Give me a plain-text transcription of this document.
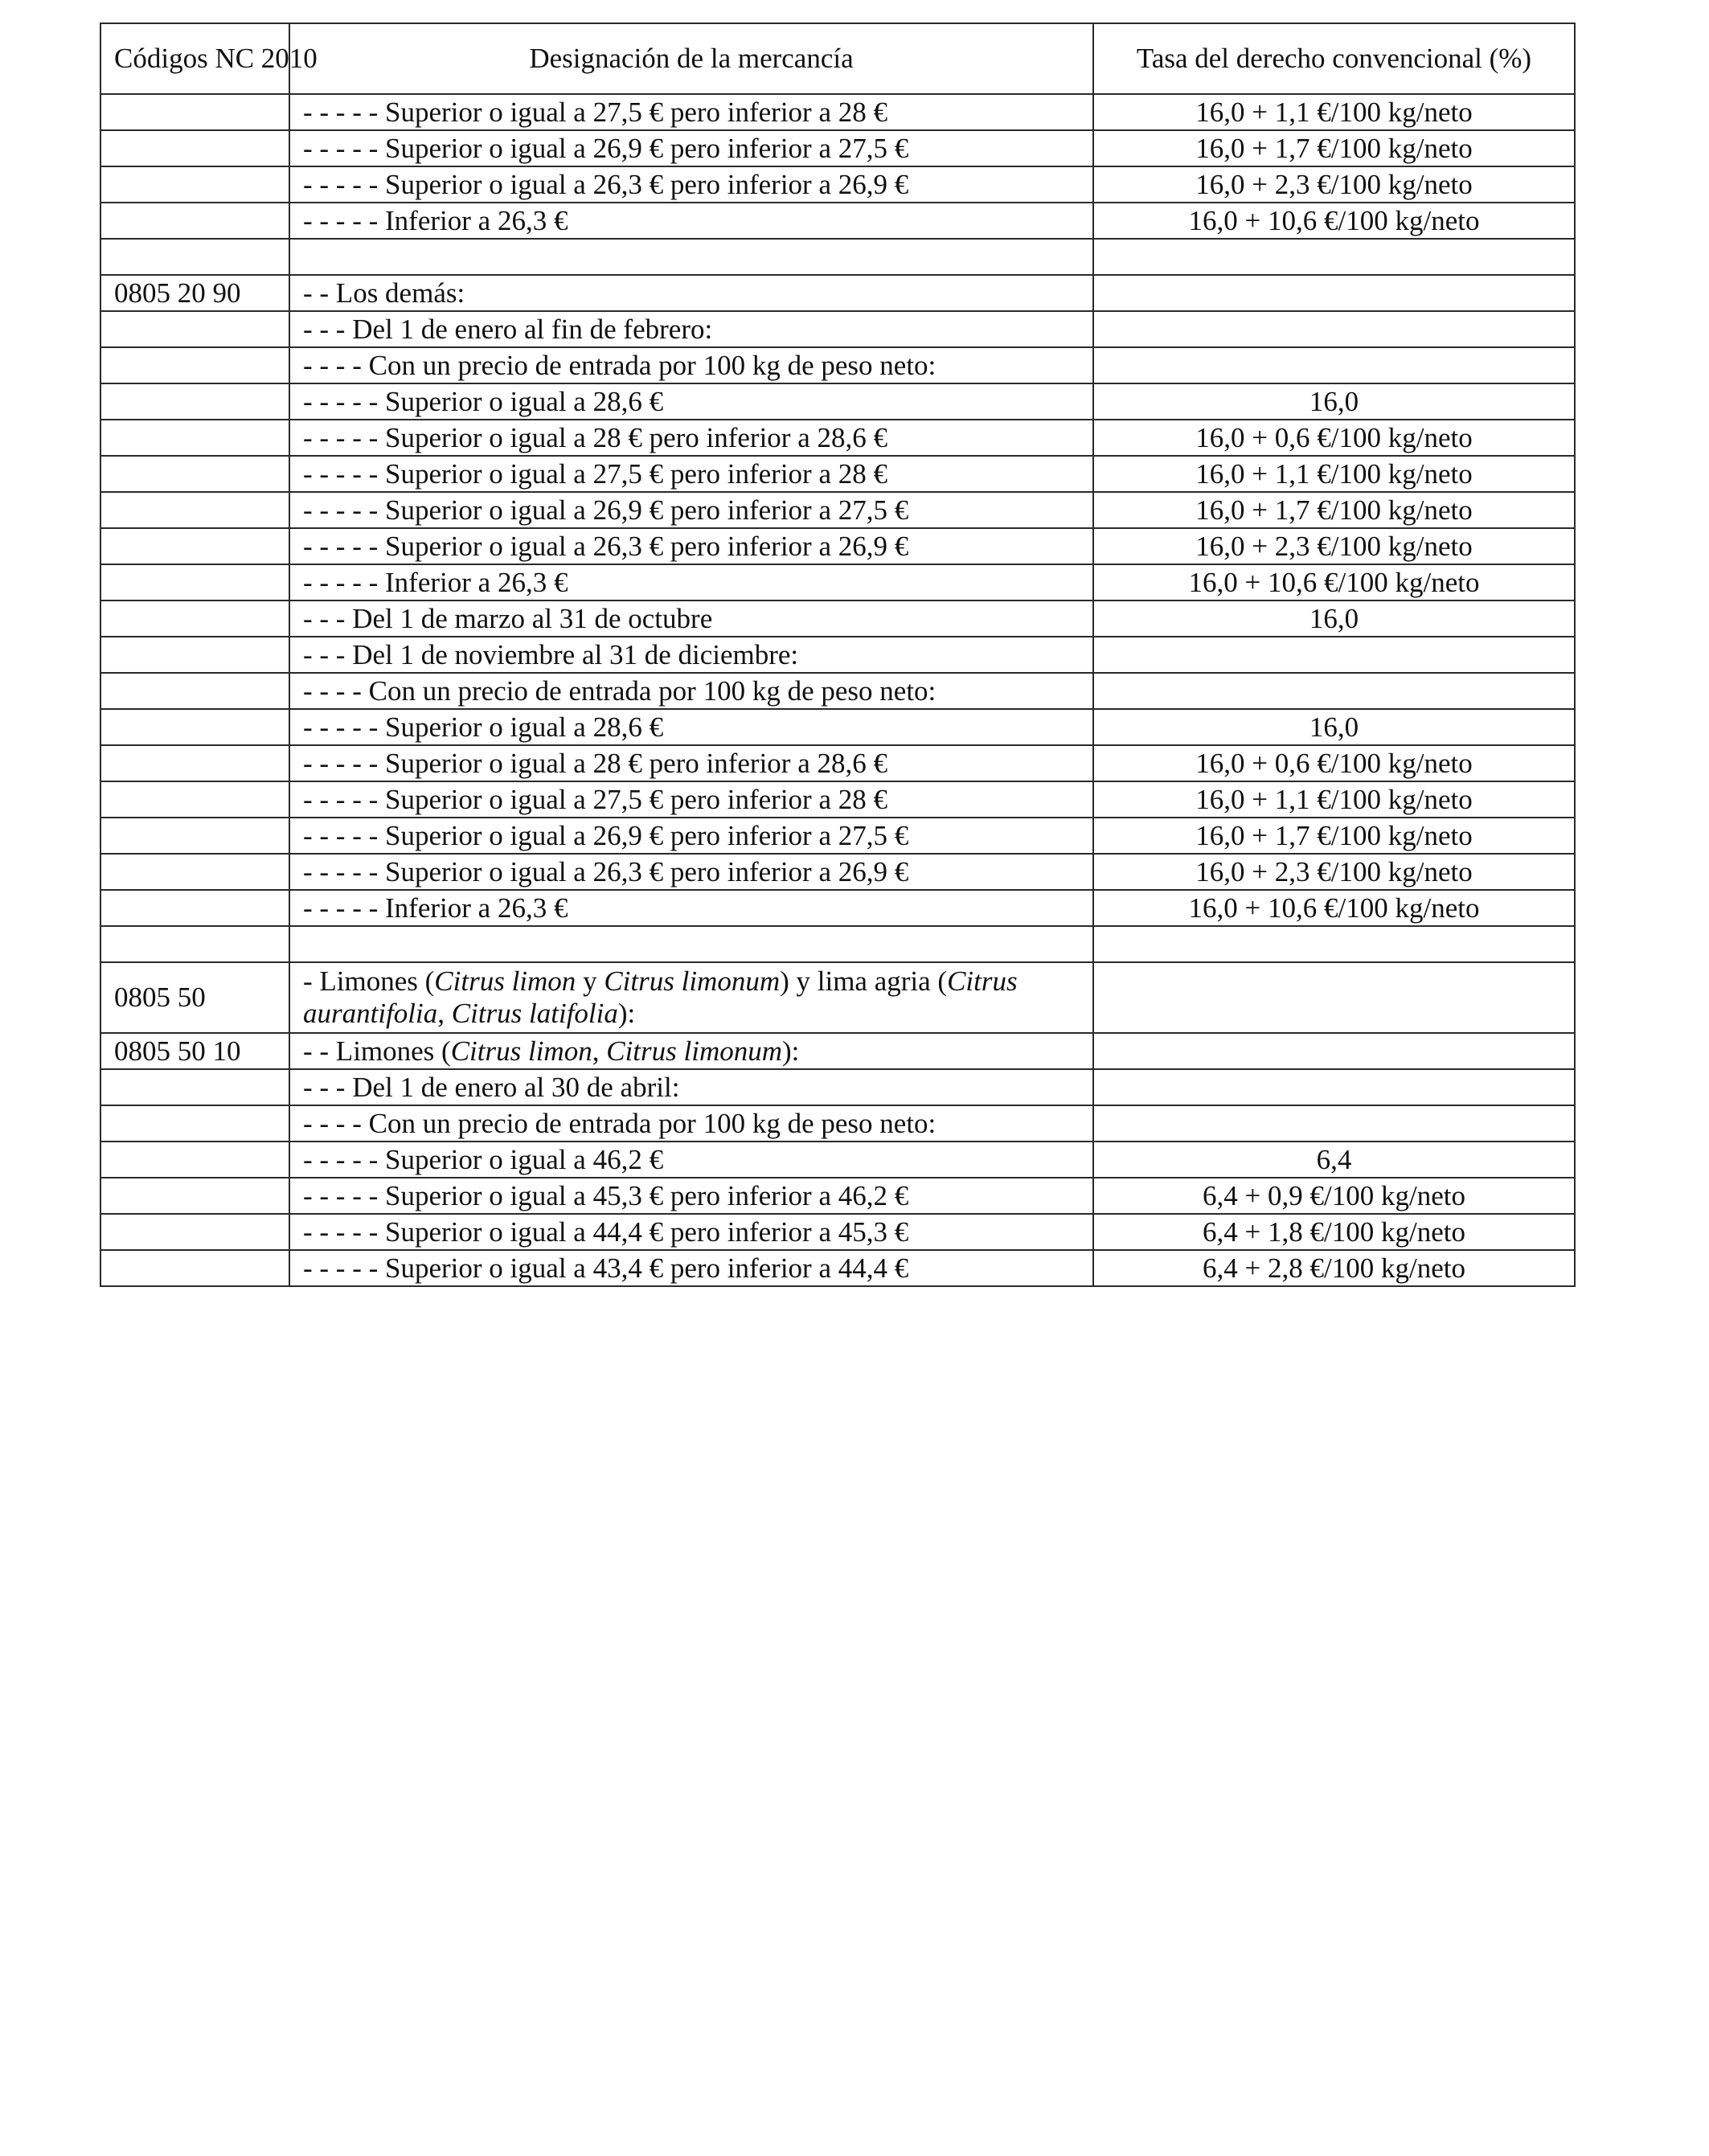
Códigos NC 2010	Designación de la mercancía	Tasa del derecho convencional (%)
	- - - - - Superior o igual a 27,5 € pero inferior a 28 €	16,0 + 1,1 €/100 kg/neto
	- - - - - Superior o igual a 26,9 € pero inferior a 27,5 €	16,0 + 1,7 €/100 kg/neto
	- - - - - Superior o igual a 26,3 € pero inferior a 26,9 €	16,0 + 2,3 €/100 kg/neto
	- - - - - Inferior a 26,3 €	16,0 + 10,6 €/100 kg/neto

0805 20 90	- - Los demás:	
	- - - Del 1 de enero al fin de febrero:	
	- - - - Con un precio de entrada por 100 kg de peso neto:	
	- - - - - Superior o igual a 28,6 €	16,0
	- - - - - Superior o igual a 28 € pero inferior a 28,6 €	16,0 + 0,6 €/100 kg/neto
	- - - - - Superior o igual a 27,5 € pero inferior a 28 €	16,0 + 1,1 €/100 kg/neto
	- - - - - Superior o igual a 26,9 € pero inferior a 27,5 €	16,0 + 1,7 €/100 kg/neto
	- - - - - Superior o igual a 26,3 € pero inferior a 26,9 €	16,0 + 2,3 €/100 kg/neto
	- - - - - Inferior a 26,3 €	16,0 + 10,6 €/100 kg/neto
	- - - Del 1 de marzo al 31 de octubre	16,0
	- - - Del 1 de noviembre al 31 de diciembre:	
	- - - - Con un precio de entrada por 100 kg de peso neto:	
	- - - - - Superior o igual a 28,6 €	16,0
	- - - - - Superior o igual a 28 € pero inferior a 28,6 €	16,0 + 0,6 €/100 kg/neto
	- - - - - Superior o igual a 27,5 € pero inferior a 28 €	16,0 + 1,1 €/100 kg/neto
	- - - - - Superior o igual a 26,9 € pero inferior a 27,5 €	16,0 + 1,7 €/100 kg/neto
	- - - - - Superior o igual a 26,3 € pero inferior a 26,9 €	16,0 + 2,3 €/100 kg/neto
	- - - - - Inferior a 26,3 €	16,0 + 10,6 €/100 kg/neto

0805 50	- Limones (Citrus limon y Citrus limonum) y lima agria (Citrus aurantifolia, Citrus latifolia):	
0805 50 10	- - Limones (Citrus limon, Citrus limonum):	
	- - - Del 1 de enero al 30 de abril:	
	- - - - Con un precio de entrada por 100 kg de peso neto:	
	- - - - - Superior o igual a 46,2 €	6,4
	- - - - - Superior o igual a 45,3 € pero inferior a 46,2 €	6,4 + 0,9 €/100 kg/neto
	- - - - - Superior o igual a 44,4 € pero inferior a 45,3 €	6,4 + 1,8 €/100 kg/neto
	- - - - - Superior o igual a 43,4 € pero inferior a 44,4 €	6,4 + 2,8 €/100 kg/neto
